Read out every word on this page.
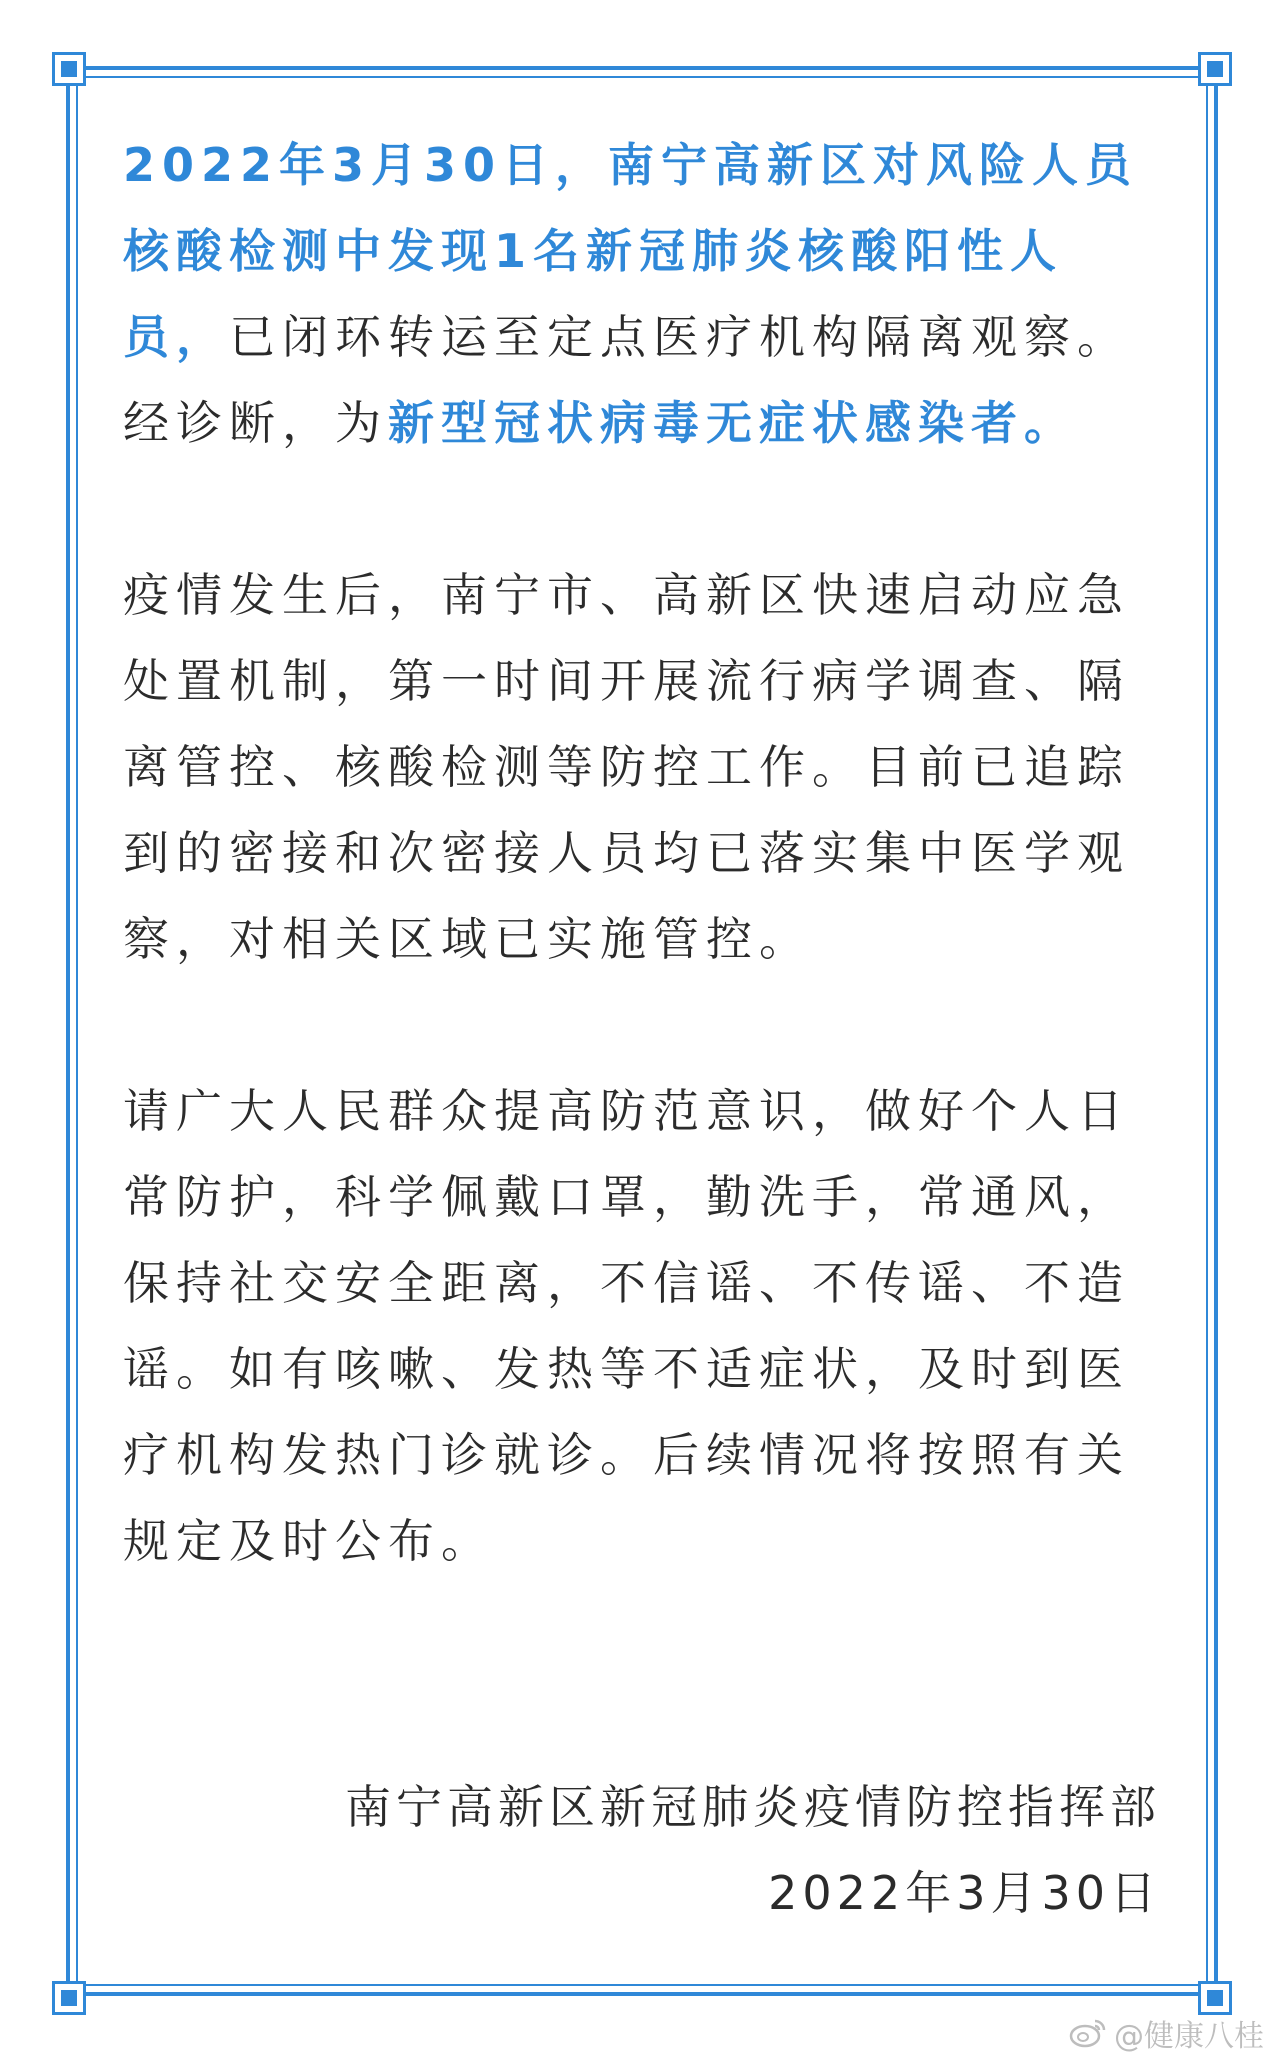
2022年3月30日，南宁高新区对风险人员核酸检测中发现1名新冠肺炎核酸阳性人员，已闭环转运至定点医疗机构隔离观察。经诊断，为新型冠状病毒无症状感染者。

疫情发生后，南宁市、高新区快速启动应急处置机制，第一时间开展流行病学调查、隔离管控、核酸检测等防控工作。目前已追踪到的密接和次密接人员均已落实集中医学观察，对相关区域已实施管控。

请广大人民群众提高防范意识，做好个人日常防护，科学佩戴口罩，勤洗手，常通风，保持社交安全距离，不信谣、不传谣、不造谣。如有咳嗽、发热等不适症状，及时到医疗机构发热门诊就诊。后续情况将按照有关规定及时公布。

南宁高新区新冠肺炎疫情防控指挥部
2022年3月30日
@健康八桂
